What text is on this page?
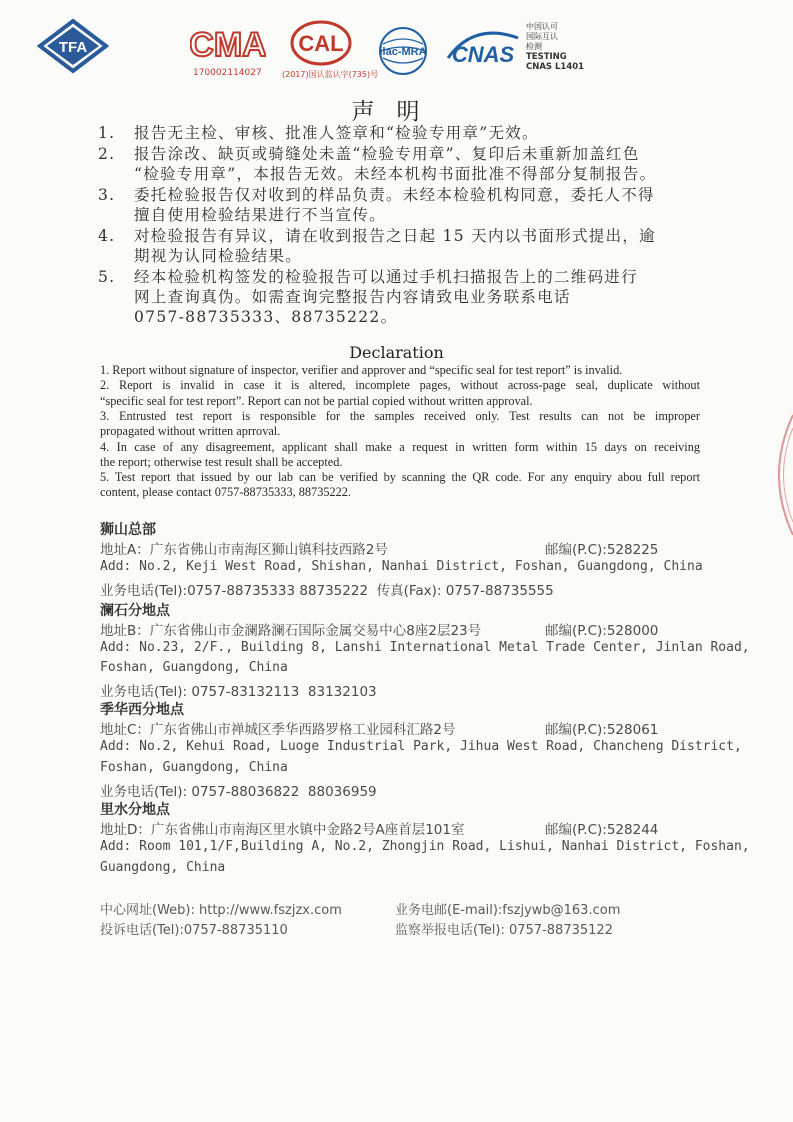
TFA	CMA
170002114027
CAL
(2017)国认监认字(735)号
ilac-MRA CNAS
中国认可
国际互认
检测
TESTING
CNAS L1401
声明
1.	报告无主检、审核、批准人签章和“检验专用章”无效。
2.	报告涂改、缺页或骑缝处未盖“检验专用章”、复印后未重新加盖红色
“检验专用章”，本报告无效。未经本机构书面批准不得部分复制报告。
3.	委托检验报告仅对收到的样品负责。未经本检验机构同意，委托人不得
擅自使用检验结果进行不当宣传。
4.	对检验报告有异议，请在收到报告之日起 15 天内以书面形式提出，逾
期视为认同检验结果。
5.	经本检验机构签发的检验报告可以通过手机扫描报告上的二维码进行
网上查询真伪。如需查询完整报告内容请致电业务联系电话
0757-88735333、88735222。
Declaration
1. Report without signature of inspector, verifier and approver and “specific seal for test report” is invalid.
2. Report is invalid in case it is altered, incomplete pages, without across-page seal, duplicate without
“specific seal for test report”. Report can not be partial copied without written approval.
3. Entrusted test report is responsible for the samples received only. Test results can not be improper
propagated without written aprroval.
4. In case of any disagreement, applicant shall make a request in written form within 15 days on receiving
the report; otherwise test result shall be accepted.
5. Test report that issued by our lab can be verified by scanning the QR code. For any enquiry abou full report
content, please contact 0757-88735333, 88735222.
狮山总部
地址A：广东省佛山市南海区狮山镇科技西路2号	邮编(P.C):528225
Add: No.2, Keji West Road, Shishan, Nanhai District, Foshan, Guangdong, China
业务电话(Tel):0757-88735333 88735222  传真(Fax): 0757-88735555
澜石分地点
地址B：广东省佛山市金澜路澜石国际金属交易中心8座2层23号	邮编(P.C):528000
Add: No.23, 2/F., Building 8, Lanshi International Metal Trade Center, Jinlan Road,
Foshan, Guangdong, China
业务电话(Tel): 0757-83132113  83132103
季华西分地点
地址C：广东省佛山市禅城区季华西路罗格工业园科汇路2号	邮编(P.C):528061
Add: No.2, Kehui Road, Luoge Industrial Park, Jihua West Road, Chancheng District,
Foshan, Guangdong, China
业务电话(Tel): 0757-88036822  88036959
里水分地点
地址D：广东省佛山市南海区里水镇中金路2号A座首层101室	邮编(P.C):528244
Add: Room 101,1/F,Building A, No.2, Zhongjin Road, Lishui, Nanhai District, Foshan,
Guangdong, China
中心网址(Web): http://www.fszjzx.com	业务电邮(E-mail):fszjywb@163.com
投诉电话(Tel):0757-88735110	监察举报电话(Tel): 0757-88735122
